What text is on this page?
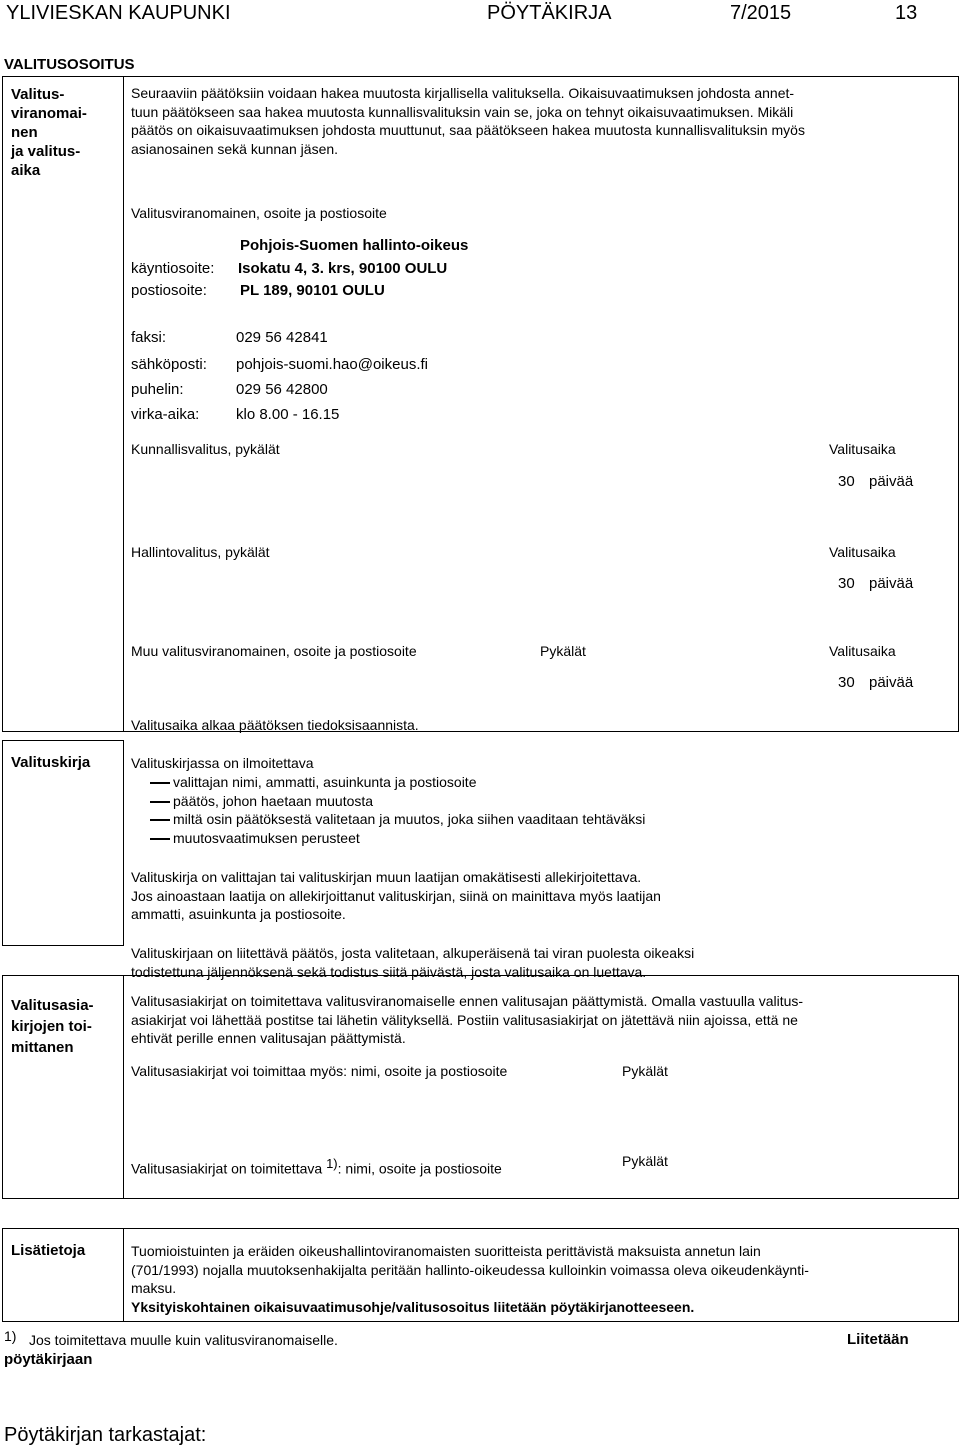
YLIVIESKAN KAUPUNKI	PÖYTÄKIRJA	7/2015	13
VALITUSOSOITUS
Valitus-
viranomai-
nen
ja valitus-
aika
Seuraaviin päätöksiin voidaan hakea muutosta kirjallisella valituksella. Oikaisuvaatimuksen johdosta annet-
tuun päätökseen saa hakea muutosta kunnallisvalituksin vain se, joka on tehnyt oikaisuvaatimuksen. Mikäli
päätös on oikaisuvaatimuksen johdosta muuttunut, saa päätökseen hakea muutosta kunnallisvalituksin myös
asianosainen sekä kunnan jäsen.
Valitusviranomainen, osoite ja postiosoite
Pohjois-Suomen hallinto-oikeus
käyntiosoite: Isokatu 4, 3. krs, 90100 OULU
postiosoite: PL 189, 90101 OULU
faksi:	029 56 42841
sähköposti: pohjois-suomi.hao@oikeus.fi
puhelin:	029 56 42800
virka-aika: klo 8.00 - 16.15
Kunnallisvalitus, pykälät	Valitusaika
30 päivää
Hallintovalitus, pykälät	Valitusaika
30 päivää
Muu valitusviranomainen, osoite ja postiosoite	Pykälät	Valitusaika
30 päivää
Valitusaika alkaa päätöksen tiedoksisaannista.
Valituskirja	Valituskirjassa on ilmoitettava
valittajan nimi, ammatti, asuinkunta ja postiosoite
päätös, johon haetaan muutosta
miltä osin päätöksestä valitetaan ja muutos, joka siihen vaaditaan tehtäväksi
muutosvaatimuksen perusteet
Valituskirja on valittajan tai valituskirjan muun laatijan omakätisesti allekirjoitettava.
Jos ainoastaan laatija on allekirjoittanut valituskirjan, siinä on mainittava myös laatijan
ammatti, asuinkunta ja postiosoite.
Valituskirjaan on liitettävä päätös, josta valitetaan, alkuperäisenä tai viran puolesta oikeaksi
todistettuna jäljennöksenä sekä todistus siitä päivästä, josta valitusaika on luettava.
Valitusasia-
kirjojen toi-
mittanen
Valitusasiakirjat on toimitettava valitusviranomaiselle ennen valitusajan päättymistä. Omalla vastuulla valitus-
asiakirjat voi lähettää postitse tai lähetin välityksellä. Postiin valitusasiakirjat on jätettävä niin ajoissa, että ne
ehtivät perille ennen valitusajan päättymistä.
Valitusasiakirjat voi toimittaa myös: nimi, osoite ja postiosoite	Pykälät
Valitusasiakirjat on toimitettava $^{1)}$: nimi, osoite ja postiosoite	Pykälät
Lisätietoja	Tuomioistuinten ja eräiden oikeushallintoviranomaisten suoritteista perittävistä maksuista annetun lain
(701/1993) nojalla muutoksenhakijalta peritään hallinto-oikeudessa kulloinkin voimassa oleva oikeudenkäynti-
maksu.
Yksityiskohtainen oikaisuvaatimusohje/valitusosoitus liitetään pöytäkirjanotteeseen.
1) Jos toimitettava muulle kuin valitusviranomaiselle.	Liitetään
pöytäkirjaan
Pöytäkirjan tarkastajat:
